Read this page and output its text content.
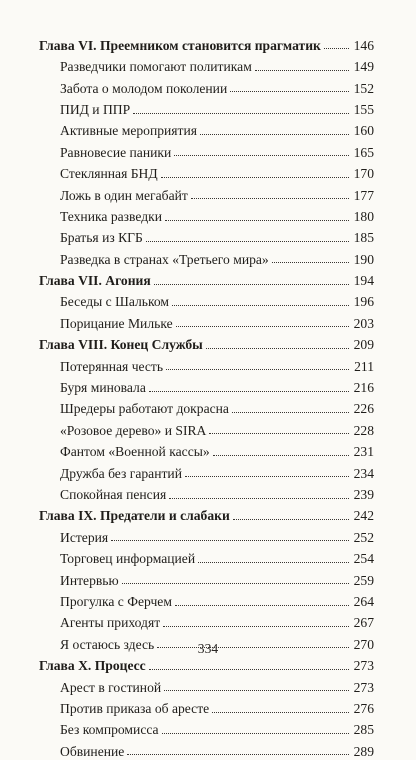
Глава VI. Преемником становится прагматик	146
Разведчики помогают политикам	149
Забота о молодом поколении	152
ПИД и ППР	155
Активные мероприятия	160
Равновесие паники	165
Стеклянная БНД	170
Ложь в один мегабайт	177
Техника разведки	180
Братья из КГБ	185
Разведка в странах «Третьего мира»	190
Глава VII. Агония	194
Беседы с Шальком	196
Порицание Мильке	203
Глава VIII. Конец Службы	209
Потерянная честь	211
Буря миновала	216
Шредеры работают докрасна	226
«Розовое дерево» и SIRA	228
Фантом «Военной кассы»	231
Дружба без гарантий	234
Спокойная пенсия	239
Глава IX. Предатели и слабаки	242
Истерия	252
Торговец информацией	254
Интервью	259
Прогулка с Ферчем	264
Агенты приходят	267
Я остаюсь здесь	270
Глава X. Процесс	273
Арест в гостиной	273
Против приказа об аресте	276
Без компромисса	285
Обвинение	289
334
